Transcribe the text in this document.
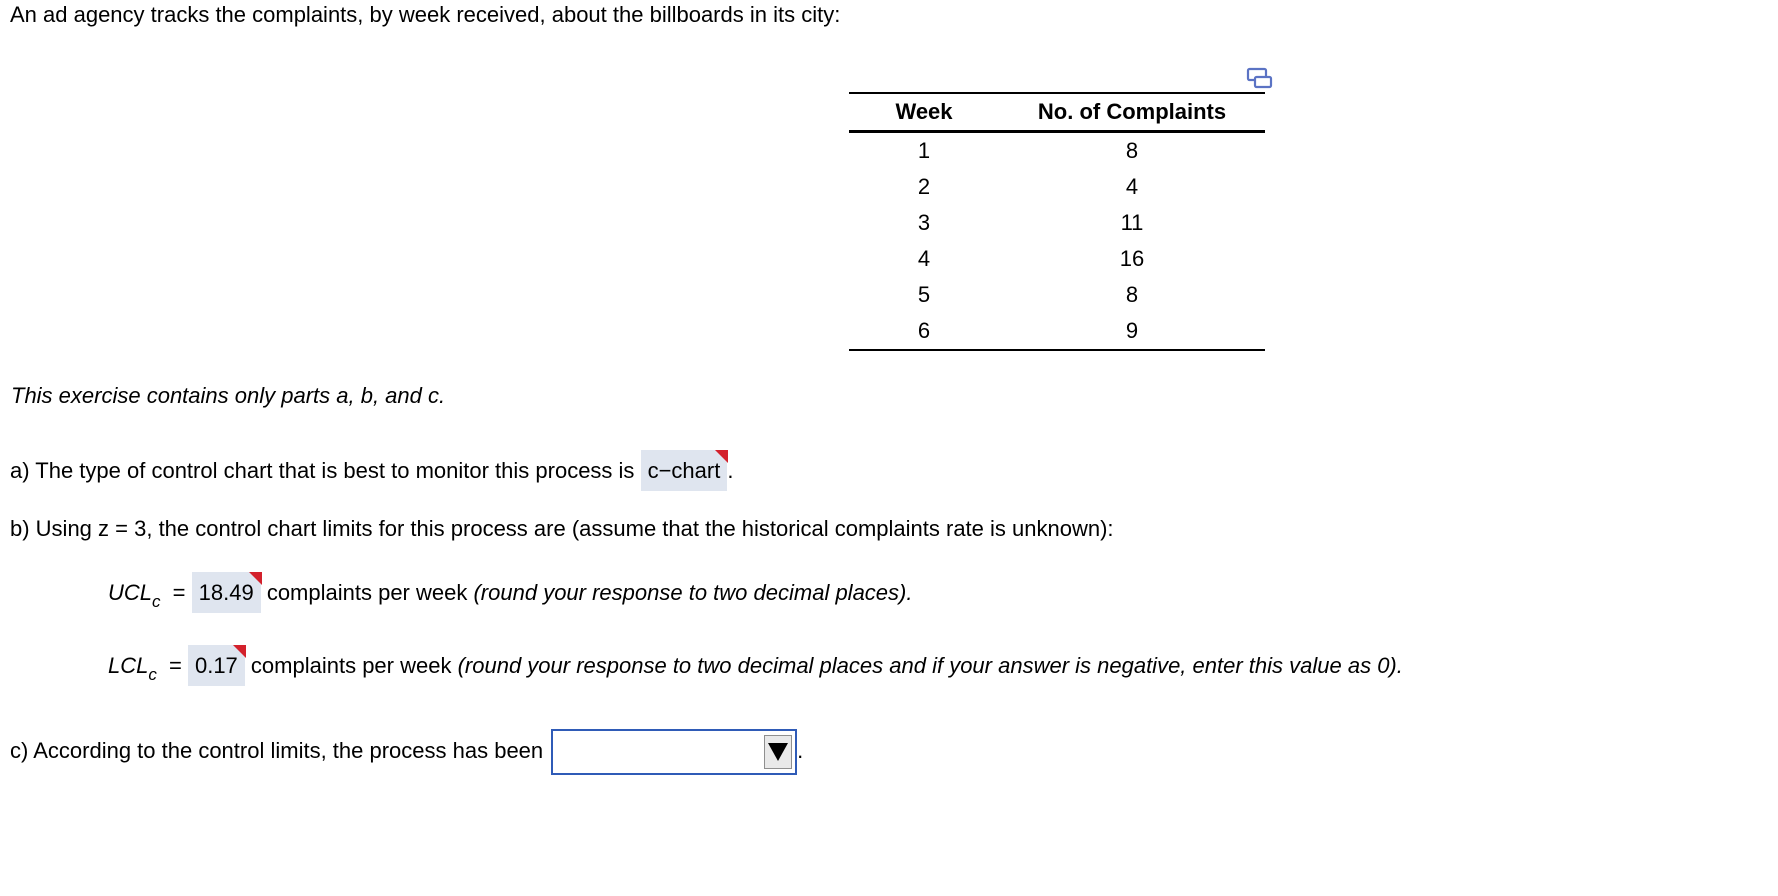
An ad agency tracks the complaints, by week received, about the billboards in its city:
Week	No. of Complaints
1	8
2	4
3	11
4	16
5	8
6	9
This exercise contains only parts a, b, and c.
a) The type of control chart that is best to monitor this process is c−chart .
b) Using z = 3, the control chart limits for this process are (assume that the historical complaints rate is unknown):
$UCL_c = 18.49$ complaints per week (round your response to two decimal places).
$LCL_c = 0.17$ complaints per week (round your response to two decimal places and if your answer is negative, enter this value as 0).
c) According to the control limits, the process has been	.
